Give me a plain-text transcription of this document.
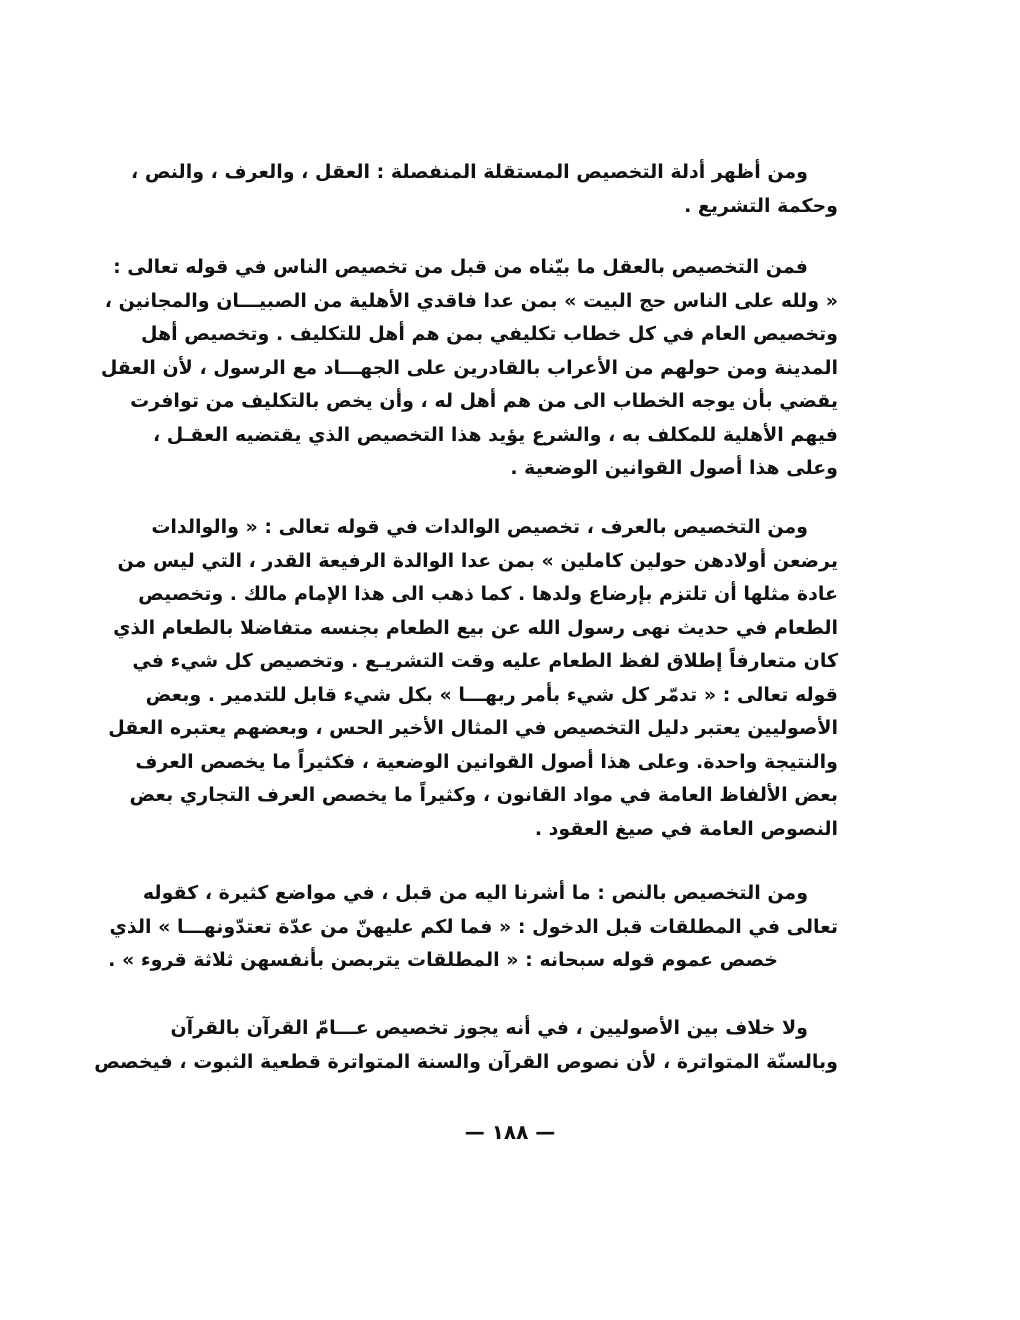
ومن أظهر أدلة التخصيص المستقلة المنفصلة : العقل ، والعرف ، والنص ،
وحكمة التشريع .
فمن التخصيص بالعقل ما بيّناه من قبل من تخصيص الناس في قوله تعالى :
« ولله على الناس حج البيت » بمن عدا فاقدي الأهلية من الصبيـــان والمجانين ،
وتخصيص العام في كل خطاب تكليفي بمن هم أهل للتكليف . وتخصيص أهل
المدينة ومن حولهم من الأعراب بالقادرين على الجهـــاد مع الرسول ، لأن العقل
يقضي بأن يوجه الخطاب الى من هم أهل له ، وأن يخص بالتكليف من توافرت
فيهم الأهلية للمكلف به ، والشرع يؤيد هذا التخصيص الذي يقتضيه العقـل ،
وعلى هذا أصول القوانين الوضعية .
ومن التخصيص بالعرف ، تخصيص الوالدات في قوله تعالى : « والوالدات
يرضعن أولادهن حولين كاملين » بمن عدا الوالدة الرفيعة القدر ، التي ليس من
عادة مثلها أن تلتزم بإرضاع ولدها . كما ذهب الى هذا الإمام مالك . وتخصيص
الطعام في حديث نهى رسول الله عن بيع الطعام بجنسه متفاضلا بالطعام الذي
كان متعارفاً إطلاق لفظ الطعام عليه وقت التشريـع . وتخصيص كل شيء في
قوله تعالى : « تدمّر كل شيء بأمر ربهـــا » بكل شيء قابل للتدمير . وبعض
الأصوليين يعتبر دليل التخصيص في المثال الأخير الحس ، وبعضهم يعتبره العقل
والنتيجة واحدة. وعلى هذا أصول القوانين الوضعية ، فكثيراً ما يخصص العرف
بعض الألفاظ العامة في مواد القانون ، وكثيراً ما يخصص العرف التجاري بعض
النصوص العامة في صيغ العقود .
ومن التخصيص بالنص : ما أشرنا اليه من قبل ، في مواضع كثيرة ، كقوله
تعالى في المطلقات قبل الدخول : « فما لكم عليهنّ من عدّة تعتدّونهـــا » الذي
خصص عموم قوله سبحانه : « المطلقات يتربصن بأنفسهن ثلاثة قروء » .
ولا خلاف بين الأصوليين ، في أنه يجوز تخصيص عـــامّ القرآن بالقرآن
وبالسنّة المتواترة ، لأن نصوص القرآن والسنة المتواترة قطعية الثبوت ، فيخصص
— ١٨٨ —
